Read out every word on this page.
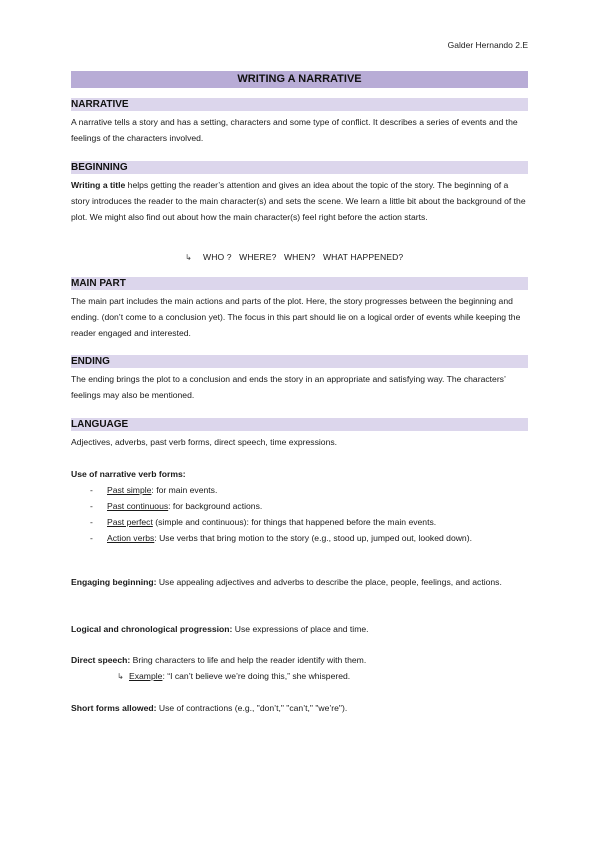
Galder Hernando 2.E
WRITING A NARRATIVE
NARRATIVE

A narrative tells a story and has a setting, characters and some type of conflict. It describes a series of events and the feelings of the characters involved.

BEGINNING

Writing a title helps getting the reader’s attention and gives an idea about the topic of the story. The beginning of a story introduces the reader to the main character(s) and sets the scene. We learn a little bit about the background of the plot. We might also find out about how the main character(s) feel right before the action starts.

↳ WHO ?   WHERE?   WHEN?   WHAT HAPPENED?
MAIN PART

The main part includes the main actions and parts of the plot. Here, the story progresses between the beginning and ending. (don’t come to a conclusion yet). The focus in this part should lie on a logical order of events while keeping the reader engaged and interested.

ENDING

The ending brings the plot to a conclusion and ends the story in an appropriate and satisfying way. The characters’ feelings may also be mentioned.

LANGUAGE

Adjectives, adverbs, past verb forms, direct speech, time expressions.

Use of narrative verb forms:

- Past simple: for main events.
- Past continuous: for background actions.
- Past perfect (simple and continuous): for things that happened before the main events.
- Action verbs: Use verbs that bring motion to the story (e.g., stood up, jumped out, looked down).

Engaging beginning: Use appealing adjectives and adverbs to describe the place, people, feelings, and actions.

Logical and chronological progression: Use expressions of place and time.

Direct speech: Bring characters to life and help the reader identify with them.

↳ Example: “I can’t believe we’re doing this,” she whispered.

Short forms allowed: Use of contractions (e.g., "don’t," "can’t," "we’re").
